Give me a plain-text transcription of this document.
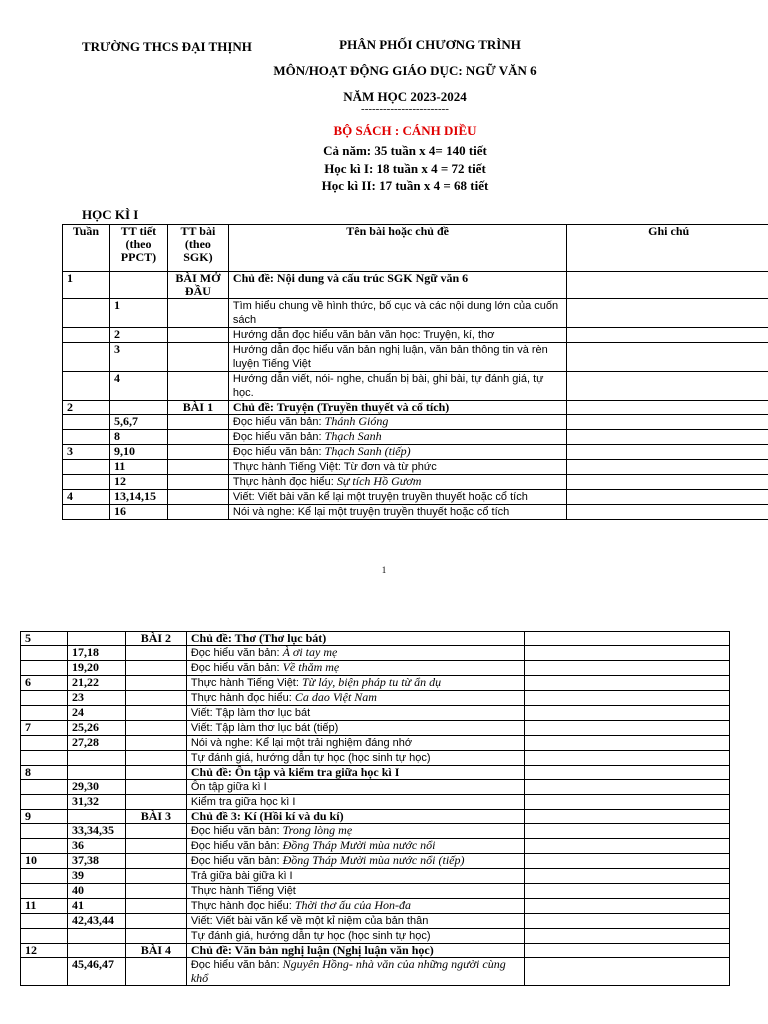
TRƯỜNG THCS ĐẠI THỊNH	PHÂN PHỐI CHƯƠNG TRÌNH
MÔN/HOẠT ĐỘNG GIÁO DỤC: NGỮ VĂN 6
NĂM HỌC 2023-2024
------------------------
BỘ SÁCH : CÁNH DIỀU
Cả năm: 35 tuần x 4= 140 tiết
Học kì I: 18 tuần x 4 = 72 tiết
Học kì II: 17 tuần x 4 = 68 tiết
HỌC KÌ I
Tuần	TT tiết (theo PPCT)	TT bài (theo SGK)	Tên bài hoặc chủ đề	Ghi chú
1		BÀI MỞ ĐẦU	Chủ đề: Nội dung và cấu trúc SGK Ngữ văn 6	
	1		Tìm hiểu chung về hình thức, bố cục và các nội dung lớn của cuốn sách	
	2		Hướng dẫn đọc hiểu văn bản văn học: Truyện, kí, thơ	
	3		Hướng dẫn đọc hiểu văn bản nghị luận, văn bản thông tin và rèn luyện Tiếng Việt	
	4		Hướng dẫn viết, nói- nghe, chuẩn bị bài, ghi bài, tự đánh giá, tự học.	
2		BÀI 1	Chủ đề: Truyện (Truyền thuyết và cổ tích)	
	5,6,7		Đọc hiểu văn bản: Thánh Gióng	
	8		Đọc hiểu văn bản: Thạch Sanh	
3	9,10		Đọc hiểu văn bản: Thạch Sanh (tiếp)	
	11		Thực hành Tiếng Việt: Từ đơn và từ phức	
	12		Thực hành đọc hiểu: Sự tích Hồ Gươm	
4	13,14,15		Viết: Viết bài văn kể lại một truyện truyền thuyết hoặc cổ tích	
	16		Nói và nghe: Kể lại một truyện truyền thuyết hoặc cổ tích	
1
5		BÀI 2	Chủ đề: Thơ (Thơ lục bát)	
	17,18		Đọc hiểu văn bản: À ơi tay mẹ	
	19,20		Đọc hiểu văn bản: Về thăm mẹ	
6	21,22		Thực hành Tiếng Việt: Từ láy, biện pháp tu từ ẩn dụ	
	23		Thực hành đọc hiểu: Ca dao Việt Nam	
	24		Viết: Tập làm thơ lục bát	
7	25,26		Viết: Tập làm thơ lục bát (tiếp)	
	27,28		Nói và nghe: Kể lại một trải nghiệm đáng nhớ	
			Tự đánh giá, hướng dẫn tự học (học sinh tự học)	
8			Chủ đề: Ôn tập và kiểm tra giữa học kì I	
	29,30		Ôn tập giữa kì I	
	31,32		Kiểm tra giữa học kì I	
9		BÀI 3	Chủ đề 3: Kí (Hồi kí và du kí)	
	33,34,35		Đọc hiểu văn bản: Trong lòng mẹ	
	36		Đọc hiểu văn bản: Đồng Tháp Mười mùa nước nổi	
10	37,38		Đọc hiểu văn bản: Đồng Tháp Mười mùa nước nổi (tiếp)	
	39		Trả giữa bài giữa kì I	
	40		Thực hành Tiếng Việt	
11	41		Thực hành đọc hiểu: Thời thơ ấu của Hon-đa	
	42,43,44		Viết: Viết bài văn kể về một kỉ niệm của bản thân	
			Tự đánh giá, hướng dẫn tự học (học sinh tự học)	
12		BÀI 4	Chủ đề: Văn bản nghị luận (Nghị luận văn học)	
	45,46,47		Đọc hiểu văn bản: Nguyên Hồng- nhà văn của những người cùng khổ	
